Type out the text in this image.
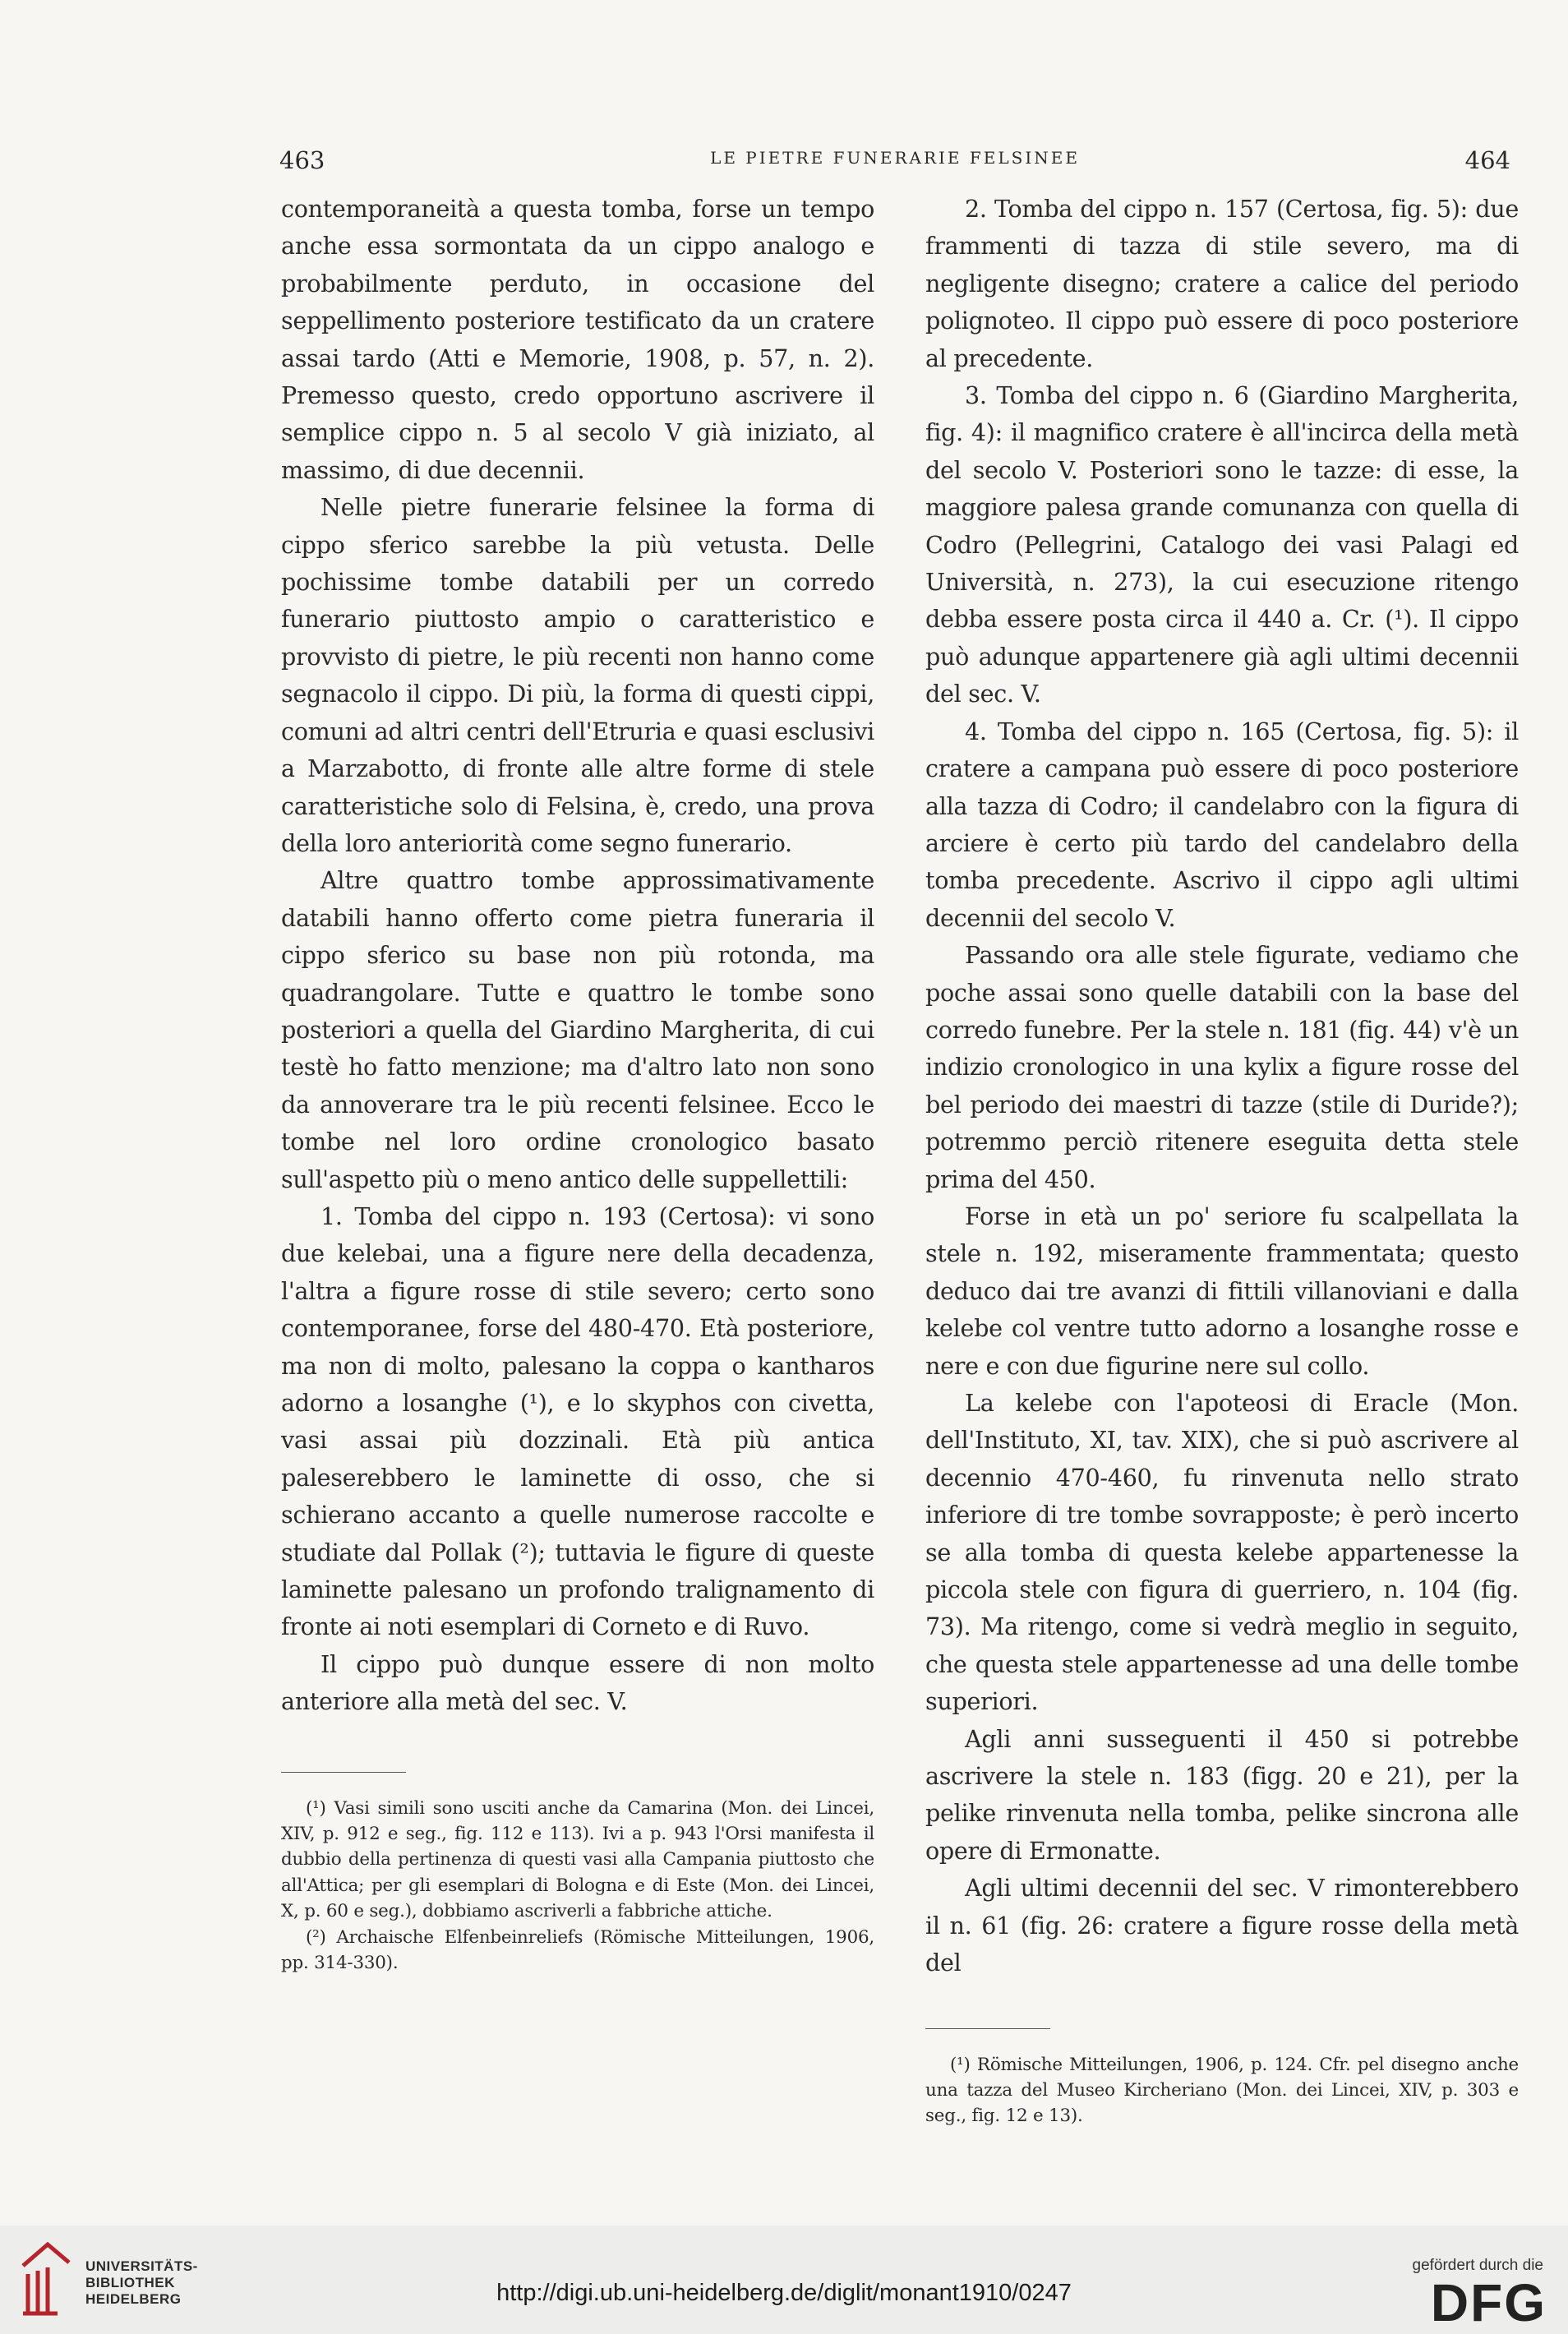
463	LE PIETRE FUNERARIE FELSINEE	464

contemporaneità a questa tomba, forse un tempo anche essa sormontata da un cippo analogo e probabilmente perduto, in occasione del seppellimento posteriore testificato da un cratere assai tardo (Atti e Memorie, 1908, p. 57, n. 2). Premesso questo, credo opportuno ascrivere il semplice cippo n. 5 al secolo V già iniziato, al massimo, di due decennii.

Nelle pietre funerarie felsinee la forma di cippo sferico sarebbe la più vetusta. Delle pochissime tombe databili per un corredo funerario piuttosto ampio o caratteristico e provvisto di pietre, le più recenti non hanno come segnacolo il cippo. Di più, la forma di questi cippi, comuni ad altri centri dell'Etruria e quasi esclusivi a Marzabotto, di fronte alle altre forme di stele caratteristiche solo di Felsina, è, credo, una prova della loro anteriorità come segno funerario.

Altre quattro tombe approssimativamente databili hanno offerto come pietra funeraria il cippo sferico su base non più rotonda, ma quadrangolare. Tutte e quattro le tombe sono posteriori a quella del Giardino Margherita, di cui testè ho fatto menzione; ma d'altro lato non sono da annoverare tra le più recenti felsinee. Ecco le tombe nel loro ordine cronologico basato sull'aspetto più o meno antico delle suppellettili:

1. Tomba del cippo n. 193 (Certosa): vi sono due kelebai, una a figure nere della decadenza, l'altra a figure rosse di stile severo; certo sono contemporanee, forse del 480-470. Età posteriore, ma non di molto, palesano la coppa o kantharos adorno a losanghe (¹), e lo skyphos con civetta, vasi assai più dozzinali. Età più antica paleserebbero le laminette di osso, che si schierano accanto a quelle numerose raccolte e studiate dal Pollak (²); tuttavia le figure di queste laminette palesano un profondo tralignamento di fronte ai noti esemplari di Corneto e di Ruvo.

Il cippo può dunque essere di non molto anteriore alla metà del sec. V.

(¹) Vasi simili sono usciti anche da Camarina (Mon. dei Lincei, XIV, p. 912 e seg., fig. 112 e 113). Ivi a p. 943 l'Orsi manifesta il dubbio della pertinenza di questi vasi alla Campania piuttosto che all'Attica; per gli esemplari di Bologna e di Este (Mon. dei Lincei, X, p. 60 e seg.), dobbiamo ascriverli a fabbriche attiche.

(²) Archaische Elfenbeinreliefs (Römische Mitteilungen, 1906, pp. 314-330).

2. Tomba del cippo n. 157 (Certosa, fig. 5): due frammenti di tazza di stile severo, ma di negligente disegno; cratere a calice del periodo polignoteo. Il cippo può essere di poco posteriore al precedente.

3. Tomba del cippo n. 6 (Giardino Margherita, fig. 4): il magnifico cratere è all'incirca della metà del secolo V. Posteriori sono le tazze: di esse, la maggiore palesa grande comunanza con quella di Codro (Pellegrini, Catalogo dei vasi Palagi ed Università, n. 273), la cui esecuzione ritengo debba essere posta circa il 440 a. Cr. (¹). Il cippo può adunque appartenere già agli ultimi decennii del sec. V.

4. Tomba del cippo n. 165 (Certosa, fig. 5): il cratere a campana può essere di poco posteriore alla tazza di Codro; il candelabro con la figura di arciere è certo più tardo del candelabro della tomba precedente. Ascrivo il cippo agli ultimi decennii del secolo V.

Passando ora alle stele figurate, vediamo che poche assai sono quelle databili con la base del corredo funebre. Per la stele n. 181 (fig. 44) v'è un indizio cronologico in una kylix a figure rosse del bel periodo dei maestri di tazze (stile di Duride?); potremmo perciò ritenere eseguita detta stele prima del 450.

Forse in età un po' seriore fu scalpellata la stele n. 192, miseramente frammentata; questo deduco dai tre avanzi di fittili villanoviani e dalla kelebe col ventre tutto adorno a losanghe rosse e nere e con due figurine nere sul collo.

La kelebe con l'apoteosi di Eracle (Mon. dell'Instituto, XI, tav. XIX), che si può ascrivere al decennio 470-460, fu rinvenuta nello strato inferiore di tre tombe sovrapposte; è però incerto se alla tomba di questa kelebe appartenesse la piccola stele con figura di guerriero, n. 104 (fig. 73). Ma ritengo, come si vedrà meglio in seguito, che questa stele appartenesse ad una delle tombe superiori.

Agli anni susseguenti il 450 si potrebbe ascrivere la stele n. 183 (figg. 20 e 21), per la pelike rinvenuta nella tomba, pelike sincrona alle opere di Ermonatte.

Agli ultimi decennii del sec. V rimonterebbero il n. 61 (fig. 26: cratere a figure rosse della metà del

(¹) Römische Mitteilungen, 1906, p. 124. Cfr. pel disegno anche una tazza del Museo Kircheriano (Mon. dei Lincei, XIV, p. 303 e seg., fig. 12 e 13).

UNIVERSITÄTS-
BIBLIOTHEK
HEIDELBERG	http://digi.ub.uni-heidelberg.de/diglit/monant1910/0247
gefördert durch die
DFG
